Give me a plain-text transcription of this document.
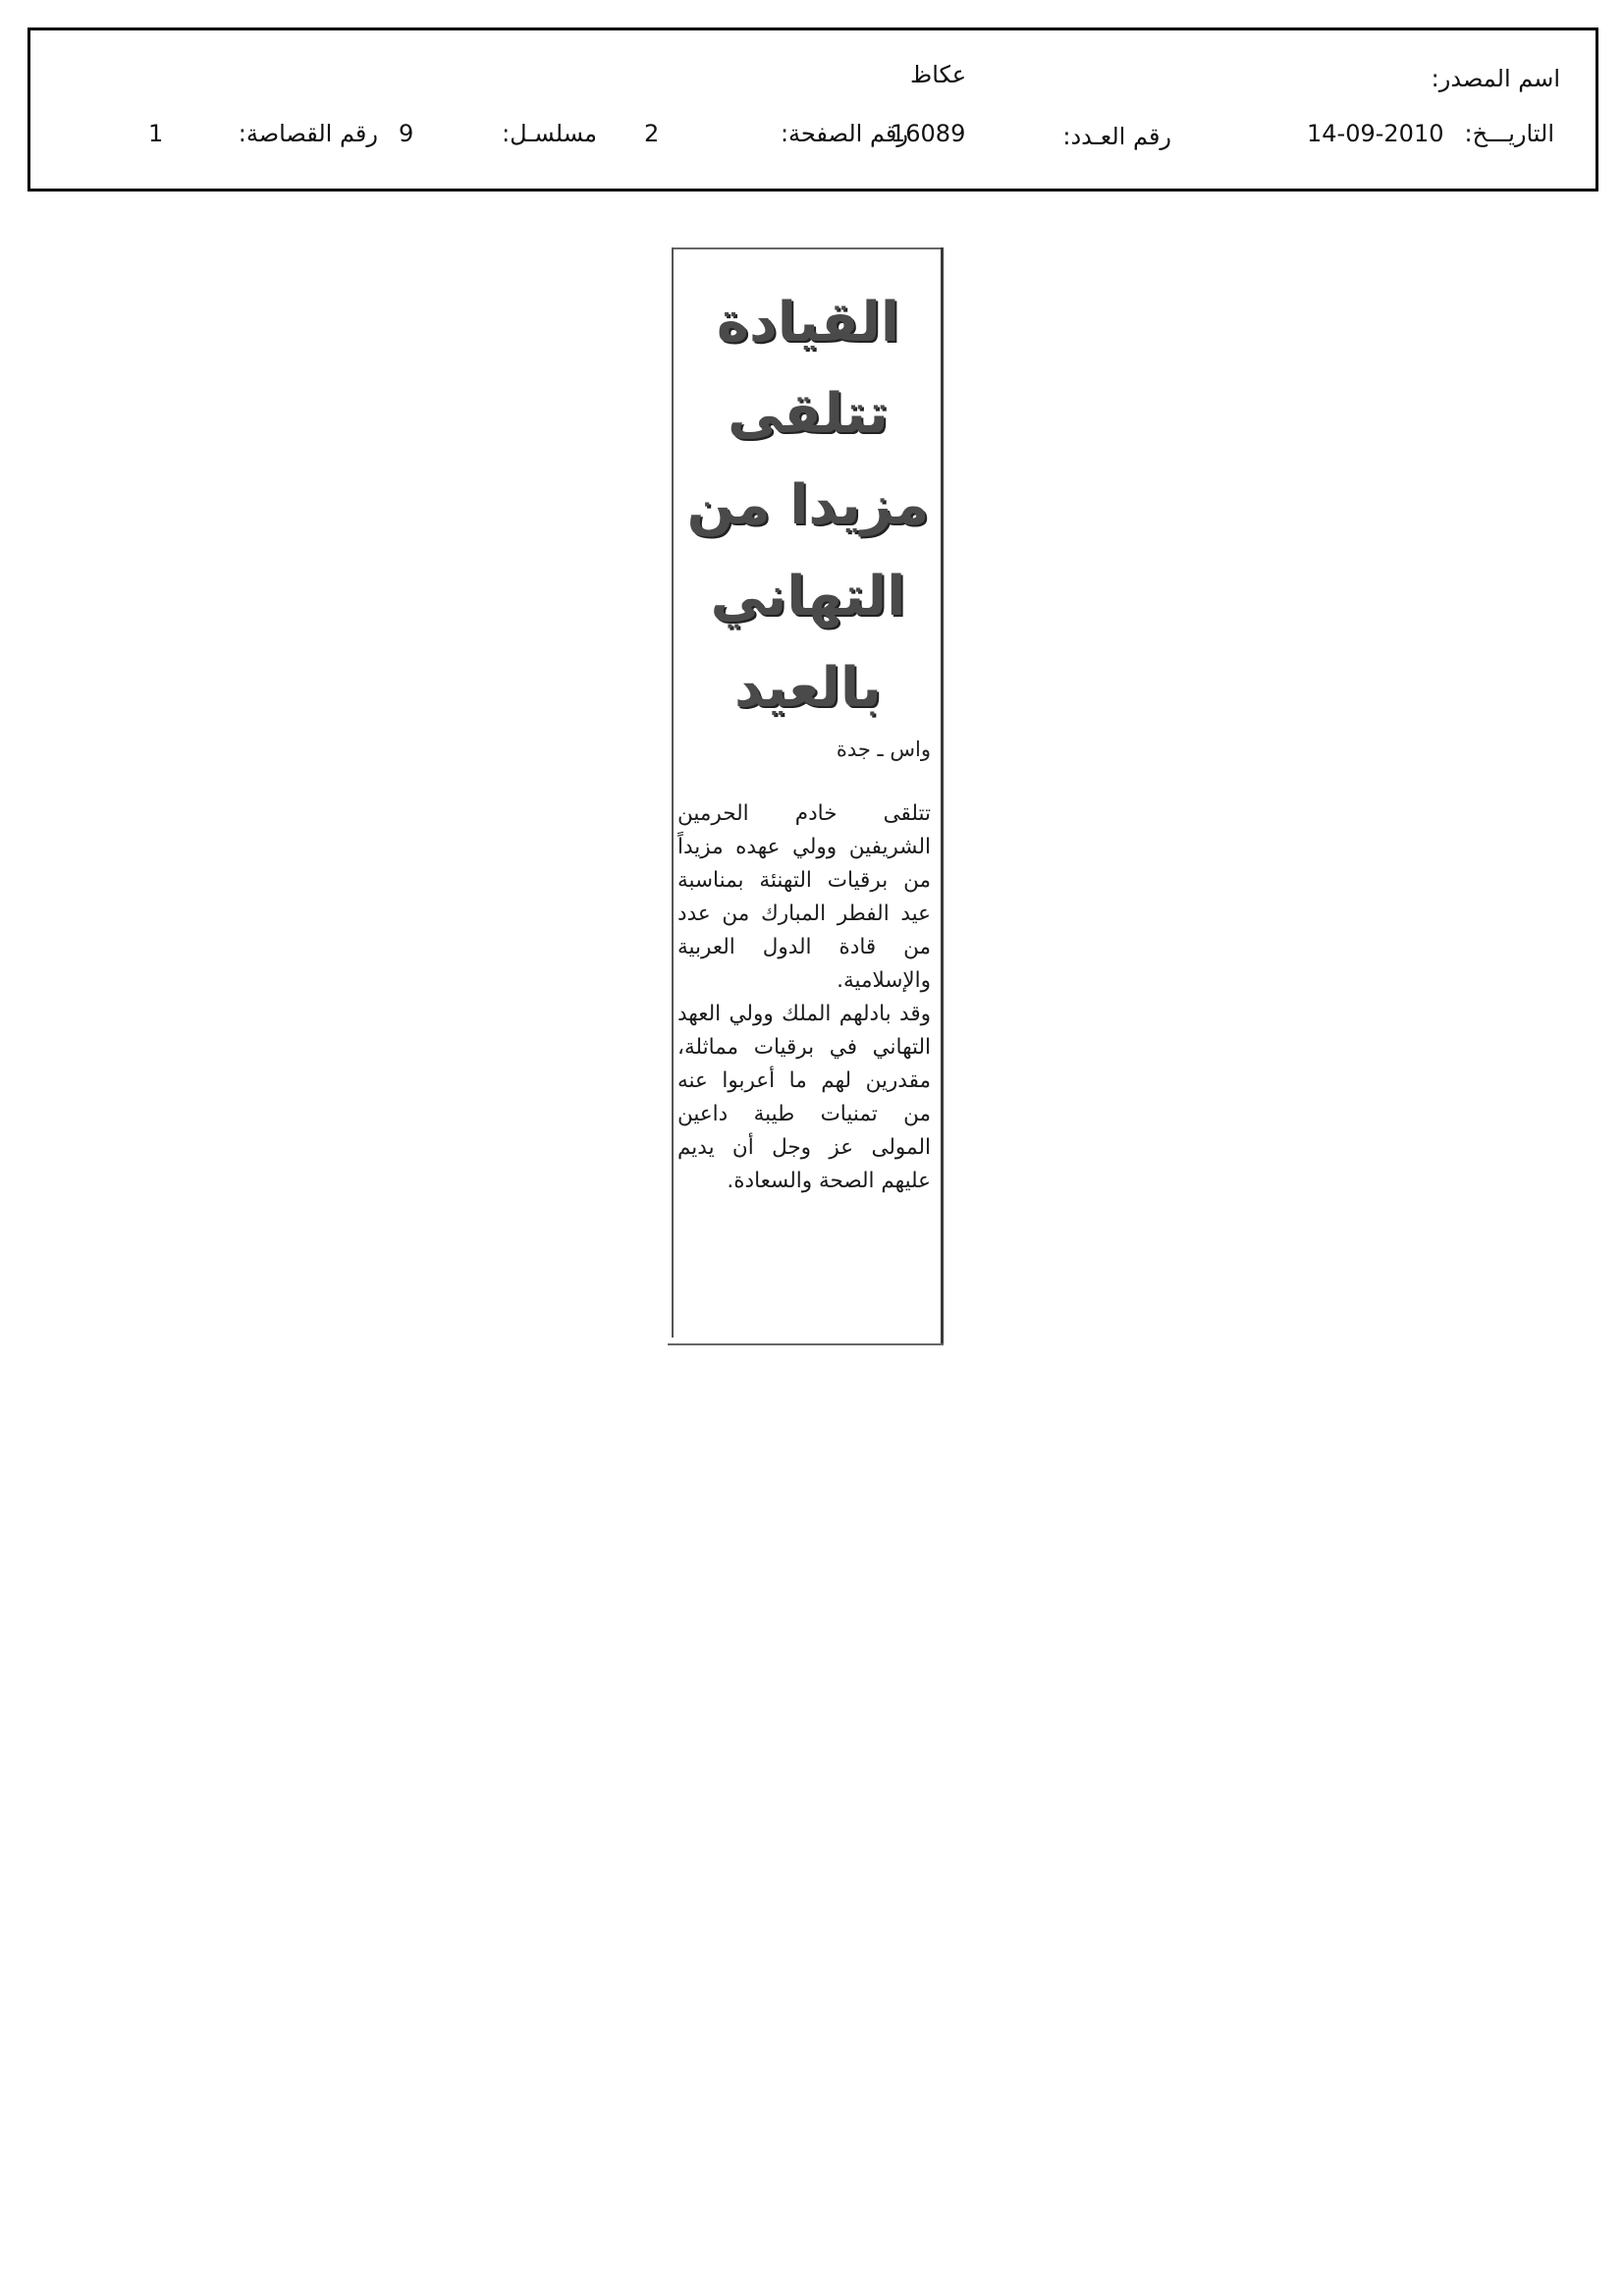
اسم المصدر:
عكاظ
التاريـــخ:
14-09-2010
رقم العـدد:
16089
رقم الصفحة:
2
مسلسـل:
9
رقم القصاصة:
1
القيادة
تتلقى
مزيدا من
التهاني
بالعيد
واس ـ جدة

تتلقى خادم الحرمين الشريفين وولي عهده مزيداً من برقيات التهنئة بمناسبة عيد الفطر المبارك من عدد من قادة الدول العربية والإسلامية.

وقد بادلهم الملك وولي العهد التهاني في برقيات مماثلة، مقدرين لهم ما أعربوا عنه من تمنيات طيبة داعين المولى عز وجل أن يديم عليهم الصحة والسعادة.
